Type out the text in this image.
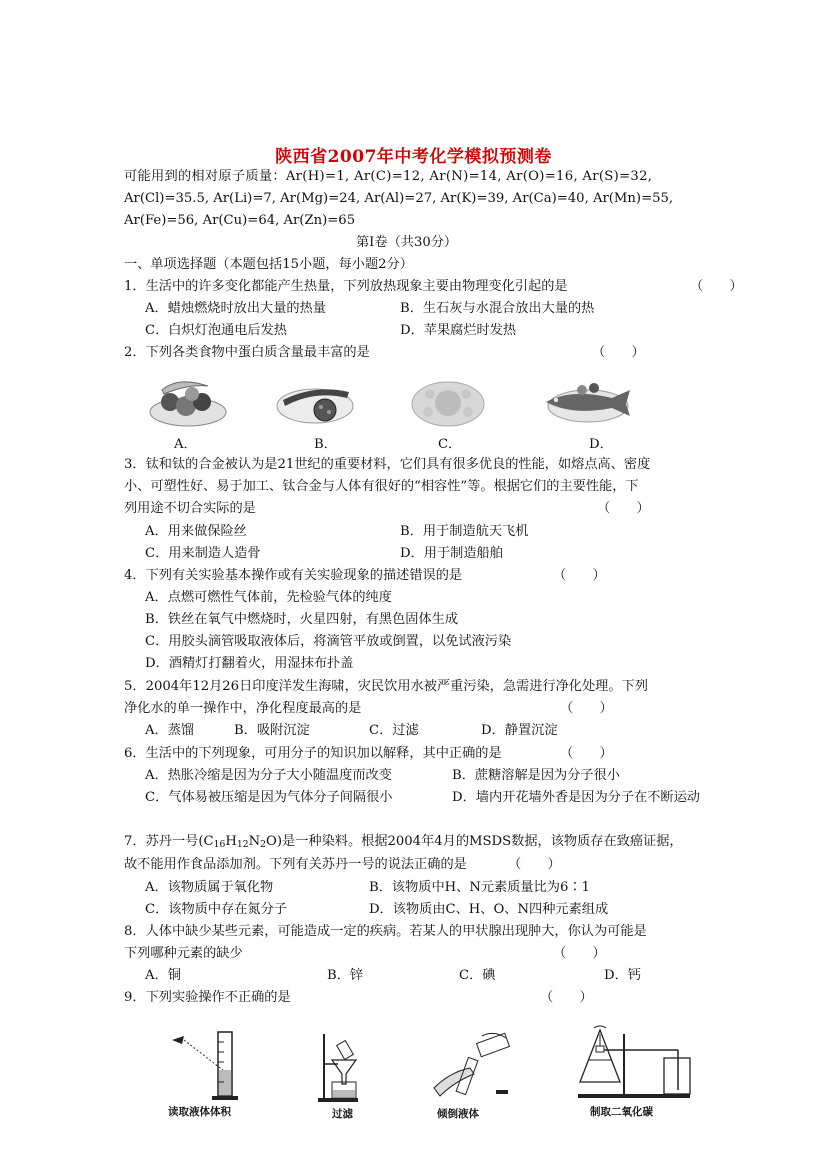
陕西省2007年中考化学模拟预测卷
可能用到的相对原子质量：Ar(H)=1, Ar(C)=12, Ar(N)=14, Ar(O)=16, Ar(S)=32,
Ar(Cl)=35.5, Ar(Li)=7, Ar(Mg)=24, Ar(Al)=27, Ar(K)=39, Ar(Ca)=40, Ar(Mn)=55,
Ar(Fe)=56, Ar(Cu)=64, Ar(Zn)=65
第Ⅰ卷（共30分）
一、单项选择题（本题包括15小题，每小题2分）
1．生活中的许多变化都能产生热量，下列放热现象主要由物理变化引起的是	（　　）
A．蜡烛燃烧时放出大量的热量	B．生石灰与水混合放出大量的热
C．白炽灯泡通电后发热	D．苹果腐烂时发热
2．下列各类食物中蛋白质含量最丰富的是	（　　）
A．	B．	C．	D．
3．钛和钛的合金被认为是21世纪的重要材料，它们具有很多优良的性能，如熔点高、密度
小、可塑性好、易于加工、钛合金与人体有很好的“相容性”等。根据它们的主要性能，下
列用途不切合实际的是	（　　）
A．用来做保险丝	B．用于制造航天飞机
C．用来制造人造骨	D．用于制造船舶
4．下列有关实验基本操作或有关实验现象的描述错误的是	（　　）
A．点燃可燃性气体前，先检验气体的纯度
B．铁丝在氧气中燃烧时，火星四射，有黑色固体生成
C．用胶头滴管吸取液体后，将滴管平放或倒置，以免试液污染
D．酒精灯打翻着火，用湿抹布扑盖
5．2004年12月26日印度洋发生海啸，灾民饮用水被严重污染，急需进行净化处理。下列
净化水的单一操作中，净化程度最高的是	（　　）
A．蒸馏	B．吸附沉淀	C．过滤	D．静置沉淀
6．生活中的下列现象，可用分子的知识加以解释，其中正确的是	（　　）
A．热胀冷缩是因为分子大小随温度而改变	B．蔗糖溶解是因为分子很小
C．气体易被压缩是因为气体分子间隔很小	D．墙内开花墙外香是因为分子在不断运动
7．苏丹一号$(C_{16}H_{12}N_2O)$是一种染料。根据2004年4月的MSDS数据，该物质存在致癌证据，
故不能用作食品添加剂。下列有关苏丹一号的说法正确的是	（　　）
A．该物质属于氧化物	B．该物质中H、N元素质量比为6∶1
C．该物质中存在氮分子	D．该物质由C、H、O、N四种元素组成
8．人体中缺少某些元素，可能造成一定的疾病。若某人的甲状腺出现肿大，你认为可能是
下列哪种元素的缺少	（　　）
A．铜	B．锌	C．碘	D．钙
9．下列实验操作不正确的是	（　　）
读取液体体积	过滤	倾倒液体	制取二氧化碳
